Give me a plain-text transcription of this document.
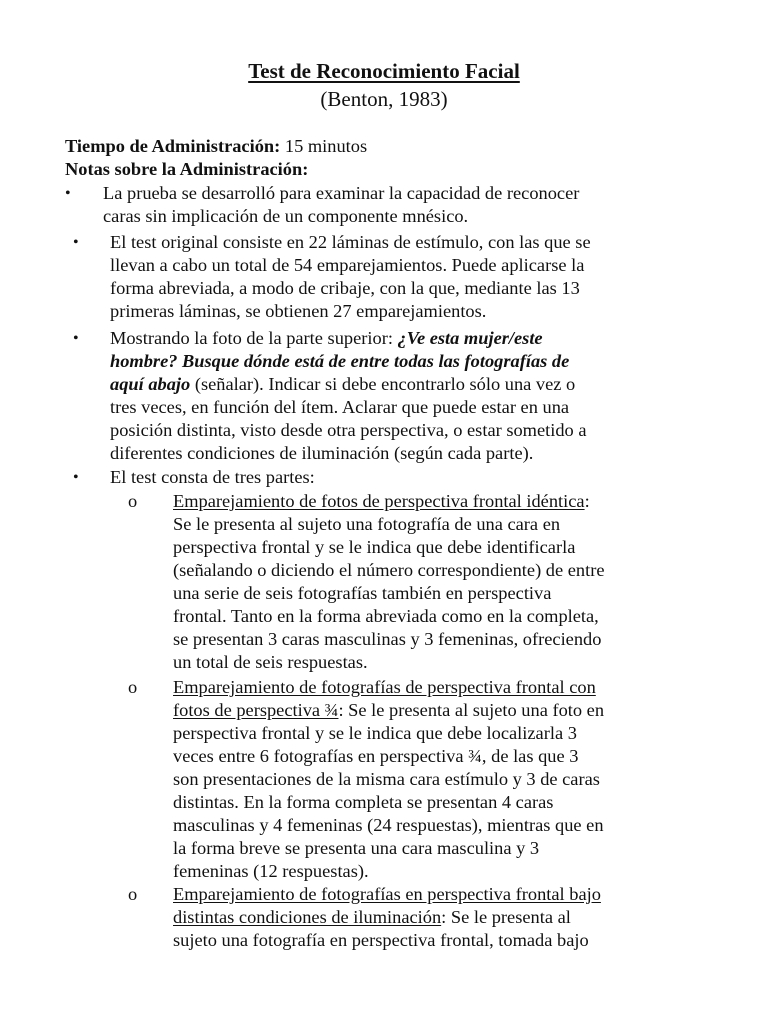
Test de Reconocimiento Facial
(Benton, 1983)
Tiempo de Administración: 15 minutos
Notas sobre la Administración:
• La prueba se desarrolló para examinar la capacidad de reconocer
caras sin implicación de un componente mnésico.
• El test original consiste en 22 láminas de estímulo, con las que se
llevan a cabo un total de 54 emparejamientos. Puede aplicarse la
forma abreviada, a modo de cribaje, con la que, mediante las 13
primeras láminas, se obtienen 27 emparejamientos.
• Mostrando la foto de la parte superior: ¿Ve esta mujer/este
hombre? Busque dónde está de entre todas las fotografías de
aquí abajo (señalar). Indicar si debe encontrarlo sólo una vez o
tres veces, en función del ítem. Aclarar que puede estar en una
posición distinta, visto desde otra perspectiva, o estar sometido a
diferentes condiciones de iluminación (según cada parte).
• El test consta de tres partes:
o Emparejamiento de fotos de perspectiva frontal idéntica:
Se le presenta al sujeto una fotografía de una cara en
perspectiva frontal y se le indica que debe identificarla
(señalando o diciendo el número correspondiente) de entre
una serie de seis fotografías también en perspectiva
frontal. Tanto en la forma abreviada como en la completa,
se presentan 3 caras masculinas y 3 femeninas, ofreciendo
un total de seis respuestas.
o Emparejamiento de fotografías de perspectiva frontal con
fotos de perspectiva ¾: Se le presenta al sujeto una foto en
perspectiva frontal y se le indica que debe localizarla 3
veces entre 6 fotografías en perspectiva ¾, de las que 3
son presentaciones de la misma cara estímulo y 3 de caras
distintas. En la forma completa se presentan 4 caras
masculinas y 4 femeninas (24 respuestas), mientras que en
la forma breve se presenta una cara masculina y 3
femeninas (12 respuestas).
o Emparejamiento de fotografías en perspectiva frontal bajo
distintas condiciones de iluminación: Se le presenta al
sujeto una fotografía en perspectiva frontal, tomada bajo
